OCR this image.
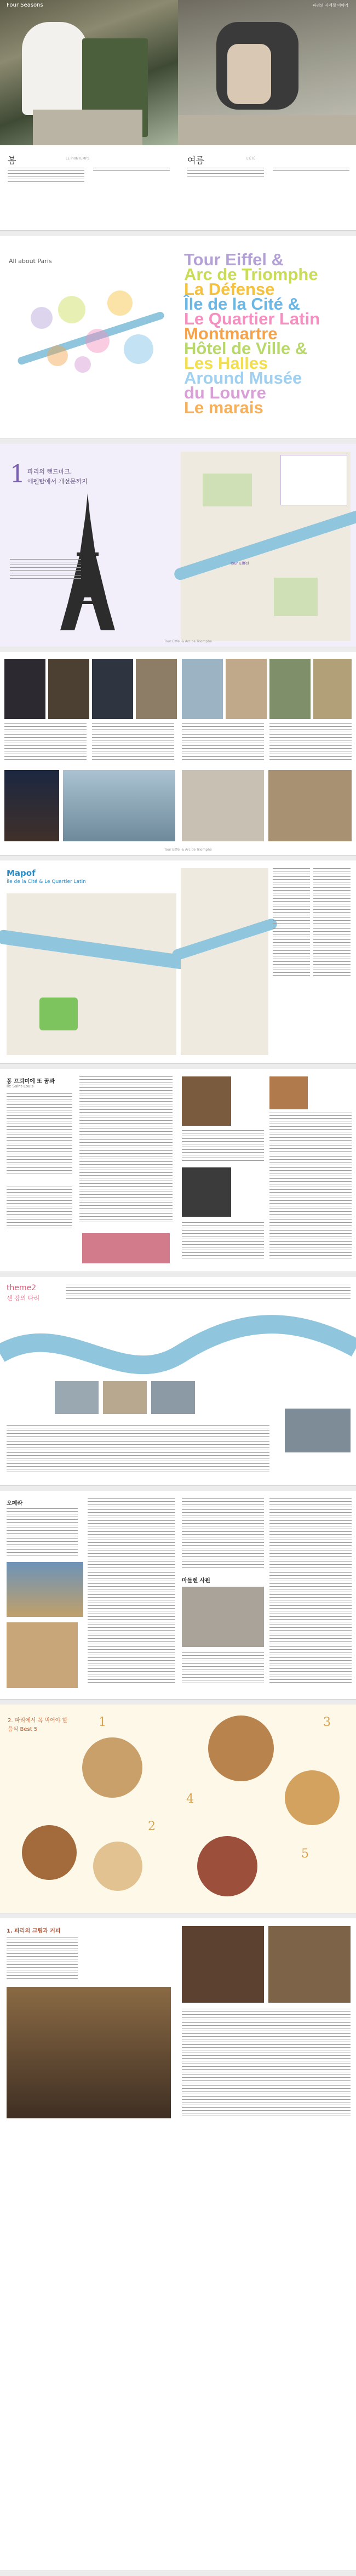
Four Seasons	파리의 사계절 이야기
봄	LE PRINTEMPS	여름	L'ÉTÉ
All about Paris	Tour Eiffel &
Arc de Triomphe
La Défense
Île de la Cité &
Le Quartier Latin
Montmartre
Hôtel de Ville &
Les Halles
Around Musée
du Louvre
Le marais
1 파리의 랜드마크,
에펠탑에서 개선문까지
Tour Eiffel
Tour Eiffel & Arc de Triomphe
Tour Eiffel & Arc de Triomphe
Mapof
Île de la Cité & Le Quartier Latin
퐁 프뢰미에 또 꿈과
Île Saint-Louis
theme2
센 강의 다리
오페라
마들렌 사원
2. 파리에서 꼭 먹어야 할
음식 Best 5
1
2
3
4
5
1. 파리의 크림과 커피
